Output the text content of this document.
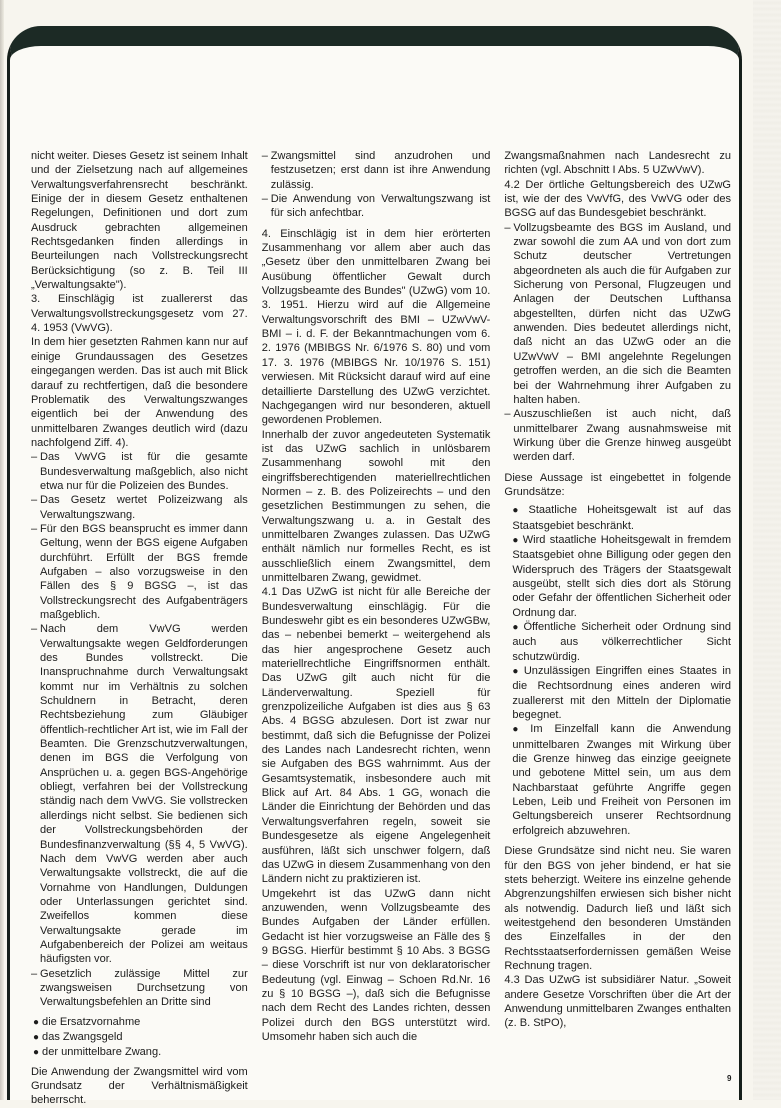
nicht weiter. Dieses Gesetz ist seinem Inhalt und der Zielsetzung nach auf allgemeines Verwaltungsverfahrensrecht beschränkt. Einige der in diesem Gesetz enthaltenen Regelungen, Definitionen und dort zum Ausdruck gebrachten allgemeinen Rechtsgedanken finden allerdings in Beurteilungen nach Vollstreckungsrecht Berücksichtigung (so z. B. Teil III „Verwaltungsakte").

3. Einschlägig ist zuallererst das Verwaltungsvollstreckungsgesetz vom 27. 4. 1953 (VwVG).

In dem hier gesetzten Rahmen kann nur auf einige Grundaussagen des Gesetzes eingegangen werden. Das ist auch mit Blick darauf zu rechtfertigen, daß die besondere Problematik des Verwaltungszwanges eigentlich bei der Anwendung des unmittelbaren Zwanges deutlich wird (dazu nachfolgend Ziff. 4).

– Das VwVG ist für die gesamte Bundesverwaltung maßgeblich, also nicht etwa nur für die Polizeien des Bundes.
– Das Gesetz wertet Polizeizwang als Verwaltungszwang.
– Für den BGS beansprucht es immer dann Geltung, wenn der BGS eigene Aufgaben durchführt. Erfüllt der BGS fremde Aufgaben – also vorzugsweise in den Fällen des § 9 BGSG –, ist das Vollstreckungsrecht des Aufgabenträgers maßgeblich.
– Nach dem VwVG werden Verwaltungsakte wegen Geldforderungen des Bundes vollstreckt. Die Inanspruchnahme durch Verwaltungsakt kommt nur im Verhältnis zu solchen Schuldnern in Betracht, deren Rechtsbeziehung zum Gläubiger öffentlich-rechtlicher Art ist, wie im Fall der Beamten. Die Grenzschutzverwaltungen, denen im BGS die Verfolgung von Ansprüchen u. a. gegen BGS-Angehörige obliegt, verfahren bei der Vollstreckung ständig nach dem VwVG. Sie vollstrecken allerdings nicht selbst. Sie bedienen sich der Vollstreckungsbehörden der Bundesfinanzverwaltung (§§ 4, 5 VwVG). Nach dem VwVG werden aber auch Verwaltungsakte vollstreckt, die auf die Vornahme von Handlungen, Duldungen oder Unterlassungen gerichtet sind. Zweifellos kommen diese Verwaltungsakte gerade im Aufgabenbereich der Polizei am weitaus häufigsten vor.
– Gesetzlich zulässige Mittel zur zwangsweisen Durchsetzung von Verwaltungsbefehlen an Dritte sind
● die Ersatzvornahme
● das Zwangsgeld
● der unmittelbare Zwang.

Die Anwendung der Zwangsmittel wird vom Grundsatz der Verhältnismäßigkeit beherrscht.

– Zwangsmittel sind anzudrohen und festzusetzen; erst dann ist ihre Anwendung zulässig.
– Die Anwendung von Verwaltungszwang ist für sich anfechtbar.

4. Einschlägig ist in dem hier erörterten Zusammenhang vor allem aber auch das „Gesetz über den unmittelbaren Zwang bei Ausübung öffentlicher Gewalt durch Vollzugsbeamte des Bundes" (UZwG) vom 10. 3. 1951. Hierzu wird auf die Allgemeine Verwaltungsvorschrift des BMI – UZwVwV-BMI – i. d. F. der Bekanntmachungen vom 6. 2. 1976 (MBIBGS Nr. 6/1976 S. 80) und vom 17. 3. 1976 (MBIBGS Nr. 10/1976 S. 151) verwiesen. Mit Rücksicht darauf wird auf eine detaillierte Darstellung des UZwG verzichtet. Nachgegangen wird nur besonderen, aktuell gewordenen Problemen.

Innerhalb der zuvor angedeuteten Systematik ist das UZwG sachlich in unlösbarem Zusammenhang sowohl mit den eingriffsberechtigenden materiellrechtlichen Normen – z. B. des Polizeirechts – und den gesetzlichen Bestimmungen zu sehen, die Verwaltungszwang u. a. in Gestalt des unmittelbaren Zwanges zulassen. Das UZwG enthält nämlich nur formelles Recht, es ist ausschließlich einem Zwangsmittel, dem unmittelbaren Zwang, gewidmet.

4.1 Das UZwG ist nicht für alle Bereiche der Bundesverwaltung einschlägig. Für die Bundeswehr gibt es ein besonderes UZwGBw, das – nebenbei bemerkt – weitergehend als das hier angesprochene Gesetz auch materiellrechtliche Eingriffsnormen enthält. Das UZwG gilt auch nicht für die Länderverwaltung. Speziell für grenzpolizeiliche Aufgaben ist dies aus § 63 Abs. 4 BGSG abzulesen. Dort ist zwar nur bestimmt, daß sich die Befugnisse der Polizei des Landes nach Landesrecht richten, wenn sie Aufgaben des BGS wahrnimmt. Aus der Gesamtsystematik, insbesondere auch mit Blick auf Art. 84 Abs. 1 GG, wonach die Länder die Einrichtung der Behörden und das Verwaltungsverfahren regeln, soweit sie Bundesgesetze als eigene Angelegenheit ausführen, läßt sich unschwer folgern, daß das UZwG in diesem Zusammenhang von den Ländern nicht zu praktizieren ist.

Umgekehrt ist das UZwG dann nicht anzuwenden, wenn Vollzugsbeamte des Bundes Aufgaben der Länder erfüllen. Gedacht ist hier vorzugsweise an Fälle des § 9 BGSG. Hierfür bestimmt § 10 Abs. 3 BGSG – diese Vorschrift ist nur von deklaratorischer Bedeutung (vgl. Einwag – Schoen Rd.Nr. 16 zu § 10 BGSG –), daß sich die Befugnisse nach dem Recht des Landes richten, dessen Polizei durch den BGS unterstützt wird. Umsomehr haben sich auch die

Zwangsmaßnahmen nach Landesrecht zu richten (vgl. Abschnitt I Abs. 5 UZwVwV).

4.2 Der örtliche Geltungsbereich des UZwG ist, wie der des VwVfG, des VwVG oder des BGSG auf das Bundesgebiet beschränkt.

– Vollzugsbeamte des BGS im Ausland, und zwar sowohl die zum AA und von dort zum Schutz deutscher Vertretungen abgeordneten als auch die für Aufgaben zur Sicherung von Personal, Flugzeugen und Anlagen der Deutschen Lufthansa abgestellten, dürfen nicht das UZwG anwenden. Dies bedeutet allerdings nicht, daß nicht an das UZwG oder an die UZwVwV – BMI angelehnte Regelungen getroffen werden, an die sich die Beamten bei der Wahrnehmung ihrer Aufgaben zu halten haben.
– Auszuschließen ist auch nicht, daß unmittelbarer Zwang ausnahmsweise mit Wirkung über die Grenze hinweg ausgeübt werden darf.

Diese Aussage ist eingebettet in folgende Grundsätze:

● Staatliche Hoheitsgewalt ist auf das Staatsgebiet beschränkt.
● Wird staatliche Hoheitsgewalt in fremdem Staatsgebiet ohne Billigung oder gegen den Widerspruch des Trägers der Staatsgewalt ausgeübt, stellt sich dies dort als Störung oder Gefahr der öffentlichen Sicherheit oder Ordnung dar.
● Öffentliche Sicherheit oder Ordnung sind auch aus völkerrechtlicher Sicht schutzwürdig.
● Unzulässigen Eingriffen eines Staates in die Rechtsordnung eines anderen wird zuallererst mit den Mitteln der Diplomatie begegnet.
● Im Einzelfall kann die Anwendung unmittelbaren Zwanges mit Wirkung über die Grenze hinweg das einzige geeignete und gebotene Mittel sein, um aus dem Nachbarstaat geführte Angriffe gegen Leben, Leib und Freiheit von Personen im Geltungsbereich unserer Rechtsordnung erfolgreich abzuwehren.

Diese Grundsätze sind nicht neu. Sie waren für den BGS von jeher bindend, er hat sie stets beherzigt. Weitere ins einzelne gehende Abgrenzungshilfen erwiesen sich bisher nicht als notwendig. Dadurch ließ und läßt sich weitestgehend den besonderen Umständen des Einzelfalles in der den Rechtsstaatserfordernissen gemäßen Weise Rechnung tragen.

4.3 Das UZwG ist subsidiärer Natur. „Soweit andere Gesetze Vorschriften über die Art der Anwendung unmittelbaren Zwanges enthalten (z. B. StPO),

9
